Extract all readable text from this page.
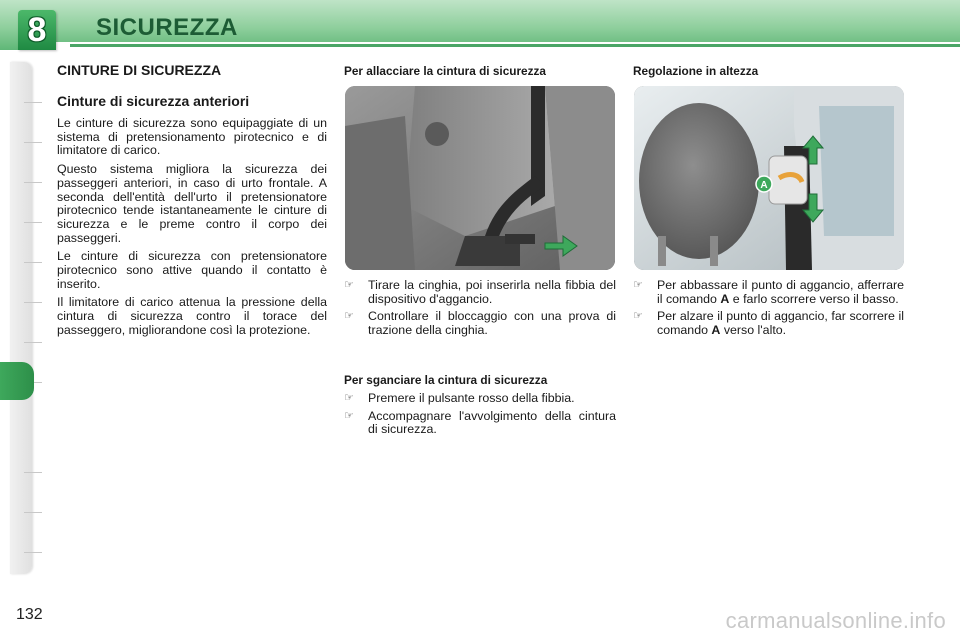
8 SICUREZZA
CINTURE DI SICUREZZA
Cinture di sicurezza anteriori

Le cinture di sicurezza sono equipaggiate di un sistema di pretensionamento pirotecnico e di limitatore di carico.

Questo sistema migliora la sicurezza dei passeggeri anteriori, in caso di urto frontale. A seconda dell'entità dell'urto il pretensionatore pirotecnico tende istantaneamente le cinture di sicurezza e le preme contro il corpo dei passeggeri.

Le cinture di sicurezza con pretensionatore pirotecnico sono attive quando il contatto è inserito.

Il limitatore di carico attenua la pressione della cintura di sicurezza contro il torace del passeggero, migliorandone così la protezione.

Per allacciare la cintura di sicurezza
☞ Tirare la cinghia, poi inserirla nella fibbia del dispositivo d'aggancio.
☞ Controllare il bloccaggio con una prova di trazione della cinghia.
Per sganciare la cintura di sicurezza
☞ Premere il pulsante rosso della fibbia.
☞ Accompagnare l'avvolgimento della cintura di sicurezza.
Regolazione in altezza
A
☞ Per abbassare il punto di aggancio, afferrare il comando A e farlo scorrere verso il basso.
☞ Per alzare il punto di aggancio, far scorrere il comando A verso l'alto.
132	carmanualsonline.info
